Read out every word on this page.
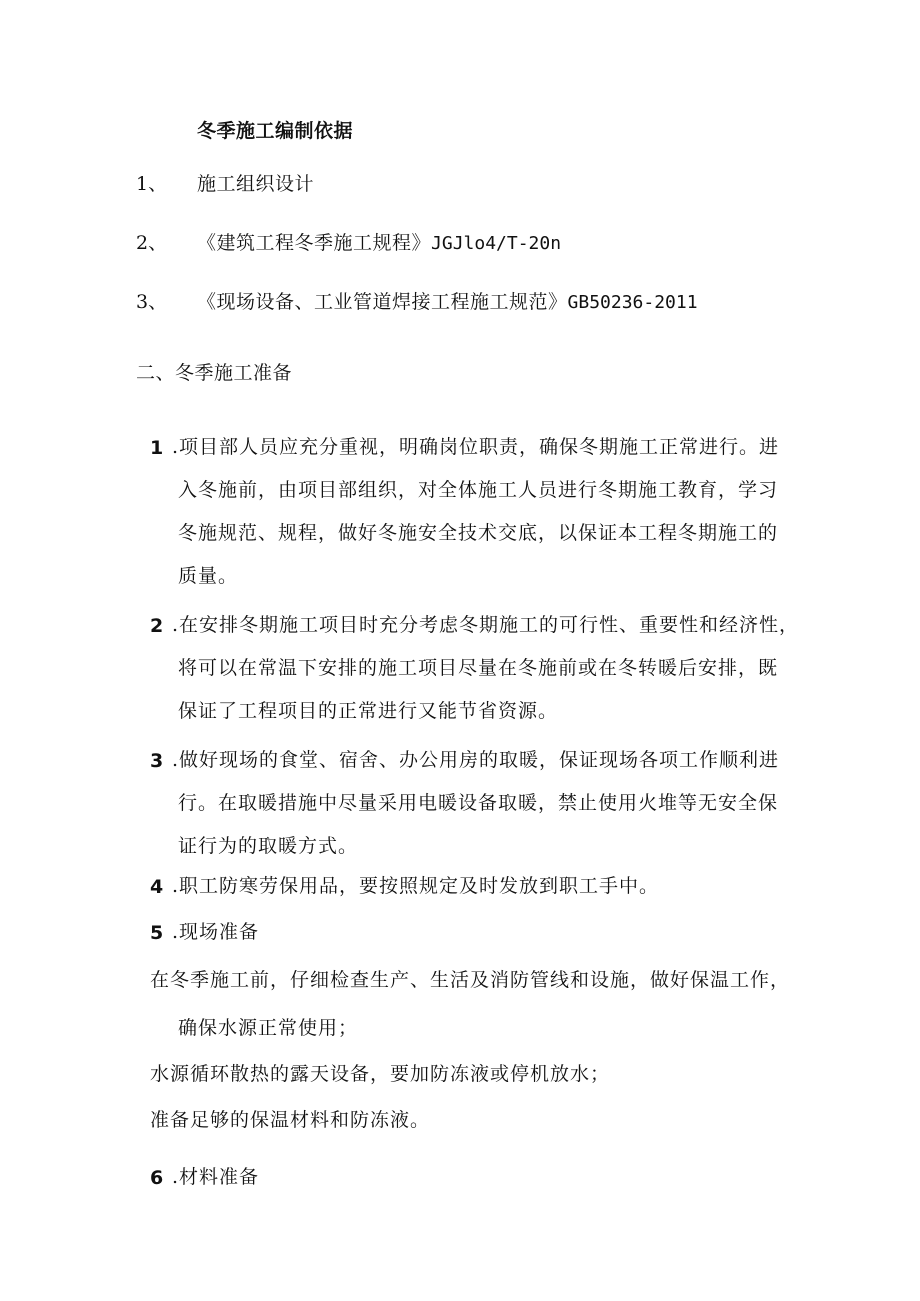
冬季施工编制依据
1、 施工组织设计
2、 《建筑工程冬季施工规程》JGJlo4/T-20n
3、 《现场设备、工业管道焊接工程施工规范》GB50236-2011
二、冬季施工准备
1 .项目部人员应充分重视，明确岗位职责，确保冬期施工正常进行。进
入冬施前，由项目部组织，对全体施工人员进行冬期施工教育，学习
冬施规范、规程，做好冬施安全技术交底，以保证本工程冬期施工的
质量。
2 .在安排冬期施工项目时充分考虑冬期施工的可行性、重要性和经济性，
将可以在常温下安排的施工项目尽量在冬施前或在冬转暖后安排，既
保证了工程项目的正常进行又能节省资源。
3 .做好现场的食堂、宿舍、办公用房的取暖，保证现场各项工作顺利进
行。在取暖措施中尽量采用电暖设备取暖，禁止使用火堆等无安全保
证行为的取暖方式。
4 .职工防寒劳保用品，要按照规定及时发放到职工手中。
5 .现场准备
在冬季施工前，仔细检查生产、生活及消防管线和设施，做好保温工作，
确保水源正常使用；
水源循环散热的露天设备，要加防冻液或停机放水；
准备足够的保温材料和防冻液。
6 .材料准备
